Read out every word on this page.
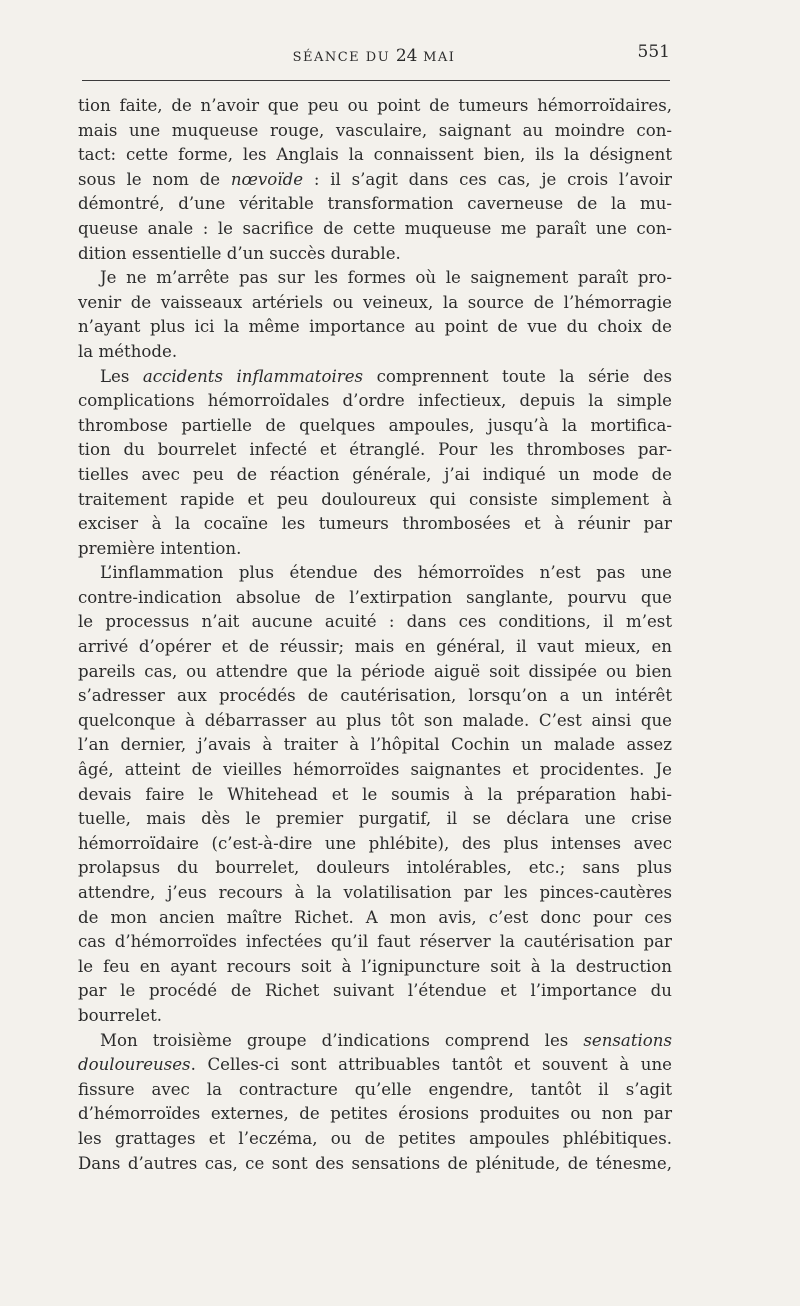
SÉANCE DU 24 MAI	551
tion faite, de n’avoir que peu ou point de tumeurs hémorroïdaires,
mais une muqueuse rouge, vasculaire, saignant au moindre con-
tact: cette forme, les Anglais la connaissent bien, ils la désignent
sous le nom de nœvoïde : il s’agit dans ces cas, je crois l’avoir
démontré, d’une véritable transformation caverneuse de la mu-
queuse anale : le sacrifice de cette muqueuse me paraît une con-
dition essentielle d’un succès durable.
Je ne m’arrête pas sur les formes où le saignement paraît pro-
venir de vaisseaux artériels ou veineux, la source de l’hémorragie
n’ayant plus ici la même importance au point de vue du choix de
la méthode.
Les accidents inflammatoires comprennent toute la série des
complications hémorroïdales d’ordre infectieux, depuis la simple
thrombose partielle de quelques ampoules, jusqu’à la mortifica-
tion du bourrelet infecté et étranglé. Pour les thromboses par-
tielles avec peu de réaction générale, j’ai indiqué un mode de
traitement rapide et peu douloureux qui consiste simplement à
exciser à la cocaïne les tumeurs thrombosées et à réunir par
première intention.
L’inflammation plus étendue des hémorroïdes n’est pas une
contre-indication absolue de l’extirpation sanglante, pourvu que
le processus n’ait aucune acuité : dans ces conditions, il m’est
arrivé d’opérer et de réussir; mais en général, il vaut mieux, en
pareils cas, ou attendre que la période aiguë soit dissipée ou bien
s’adresser aux procédés de cautérisation, lorsqu’on a un intérêt
quelconque à débarrasser au plus tôt son malade. C’est ainsi que
l’an dernier, j’avais à traiter à l’hôpital Cochin un malade assez
âgé, atteint de vieilles hémorroïdes saignantes et procidentes. Je
devais faire le Whitehead et le soumis à la préparation habi-
tuelle, mais dès le premier purgatif, il se déclara une crise
hémorroïdaire (c’est-à-dire une phlébite), des plus intenses avec
prolapsus du bourrelet, douleurs intolérables, etc.; sans plus
attendre, j’eus recours à la volatilisation par les pinces-cautères
de mon ancien maître Richet. A mon avis, c’est donc pour ces
cas d’hémorroïdes infectées qu’il faut réserver la cautérisation par
le feu en ayant recours soit à l’ignipuncture soit à la destruction
par le procédé de Richet suivant l’étendue et l’importance du
bourrelet.
Mon troisième groupe d’indications comprend les sensations
douloureuses. Celles-ci sont attribuables tantôt et souvent à une
fissure avec la contracture qu’elle engendre, tantôt il s’agit
d’hémorroïdes externes, de petites érosions produites ou non par
les grattages et l’eczéma, ou de petites ampoules phlébitiques.
Dans d’autres cas, ce sont des sensations de plénitude, de ténesme,
